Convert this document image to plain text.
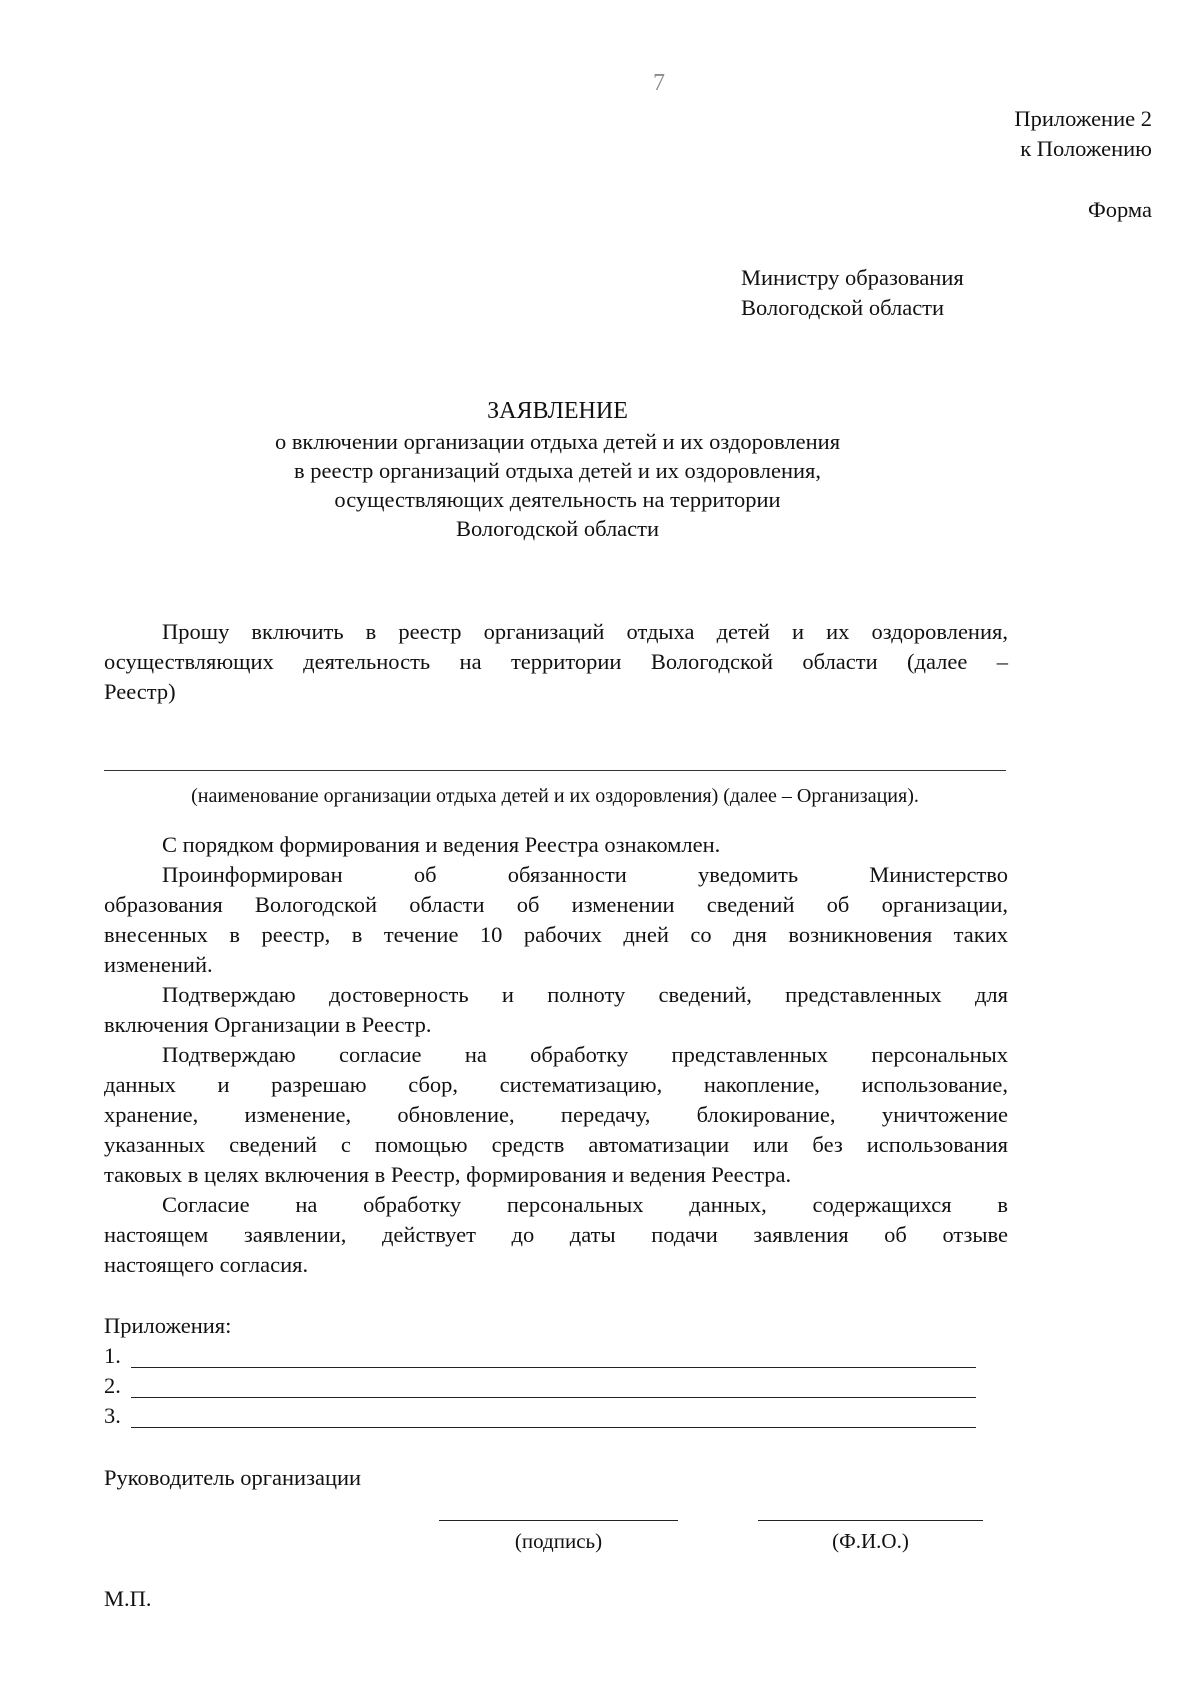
7
Приложение 2
к Положению
Форма
Министру образования
Вологодской области
ЗАЯВЛЕНИЕ
о включении организации отдыха детей и их оздоровления
в реестр организаций отдыха детей и их оздоровления,
осуществляющих деятельность на территории
Вологодской области
Прошу включить в реестр организаций отдыха детей и их оздоровления,
осуществляющих деятельность на территории Вологодской области (далее –
Реестр)
(наименование организации отдыха детей и их оздоровления) (далее – Организация).
С порядком формирования и ведения Реестра ознакомлен.
Проинформирован об обязанности уведомить Министерство
образования Вологодской области об изменении сведений об организации,
внесенных в реестр, в течение 10 рабочих дней со дня возникновения таких
изменений.
Подтверждаю достоверность и полноту сведений, представленных для
включения Организации в Реестр.
Подтверждаю согласие на обработку представленных персональных
данных и разрешаю сбор, систематизацию, накопление, использование,
хранение, изменение, обновление, передачу, блокирование, уничтожение
указанных сведений с помощью средств автоматизации или без использования
таковых в целях включения в Реестр, формирования и ведения Реестра.
Согласие на обработку персональных данных, содержащихся в
настоящем заявлении, действует до даты подачи заявления об отзыве
настоящего согласия.
Приложения:
1.
2.
3.
Руководитель организации
(подпись)	(Ф.И.О.)
М.П.
